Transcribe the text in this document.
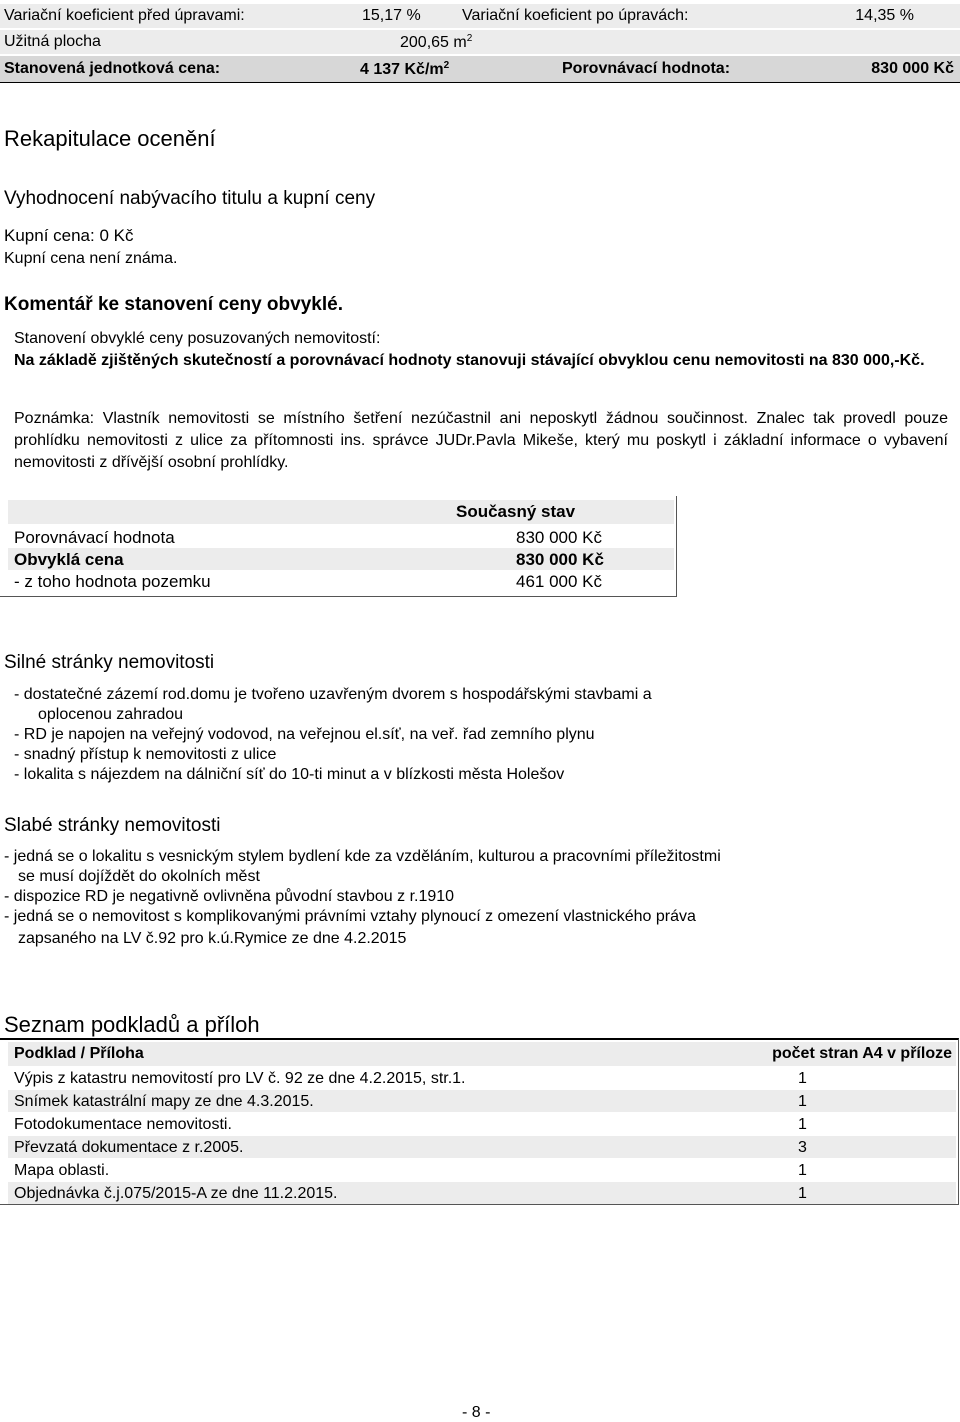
Variační koeficient před úpravami:	15,17 %	Variační koeficient po úpravách:	14,35 %
Užitná plocha	200,65 $m^2$
Stanovená jednotková cena:	4 137 $Kč/m^2$	Porovnávací hodnota:	830 000 Kč
Rekapitulace ocenění
Vyhodnocení nabývacího titulu a kupní ceny
Kupní cena: 0 Kč
Kupní cena není známa.
Komentář ke stanovení ceny obvyklé.
Stanovení obvyklé ceny posuzovaných nemovitostí:
Na základě zjištěných skutečností a porovnávací hodnoty stanovuji stávající obvyklou cenu nemovitosti na 830 000,-Kč.
Poznámka: Vlastník nemovitosti se místního šetření nezúčastnil ani neposkytl žádnou součinnost. Znalec tak provedl pouze prohlídku nemovitosti z ulice za přítomnosti ins. správce JUDr.Pavla Mikeše, který mu poskytl i základní informace o vybavení nemovitosti z dřívější osobní prohlídky.
Současný stav
Porovnávací hodnota	830 000 Kč
Obvyklá cena	830 000 Kč
- z toho hodnota pozemku	461 000 Kč
Silné stránky nemovitosti
- dostatečné zázemí rod.domu je tvořeno uzavřeným dvorem s hospodářskými stavbami a
oplocenou zahradou
- RD je napojen na veřejný vodovod, na veřejnou el.síť, na veř. řad zemního plynu
- snadný přístup k nemovitosti z ulice
- lokalita s nájezdem na dálniční síť do 10-ti minut a v blízkosti města Holešov
Slabé stránky nemovitosti
- jedná se o lokalitu s vesnickým stylem bydlení kde za vzděláním, kulturou a pracovními příležitostmi
se musí dojíždět do okolních měst
- dispozice RD je negativně ovlivněna původní stavbou z r.1910
- jedná se o nemovitost s komplikovanými právními vztahy plynoucí z omezení vlastnického práva
zapsaného na LV č.92 pro k.ú.Rymice ze dne 4.2.2015
Seznam podkladů a příloh
Podklad / Příloha	počet stran A4 v příloze
Výpis z katastru nemovitostí pro LV č. 92 ze dne 4.2.2015, str.1.	1
Snímek katastrální mapy ze dne 4.3.2015.	1
Fotodokumentace nemovitosti.	1
Převzatá dokumentace z r.2005.	3
Mapa oblasti.	1
Objednávka č.j.075/2015-A ze dne 11.2.2015.	1
- 8 -
